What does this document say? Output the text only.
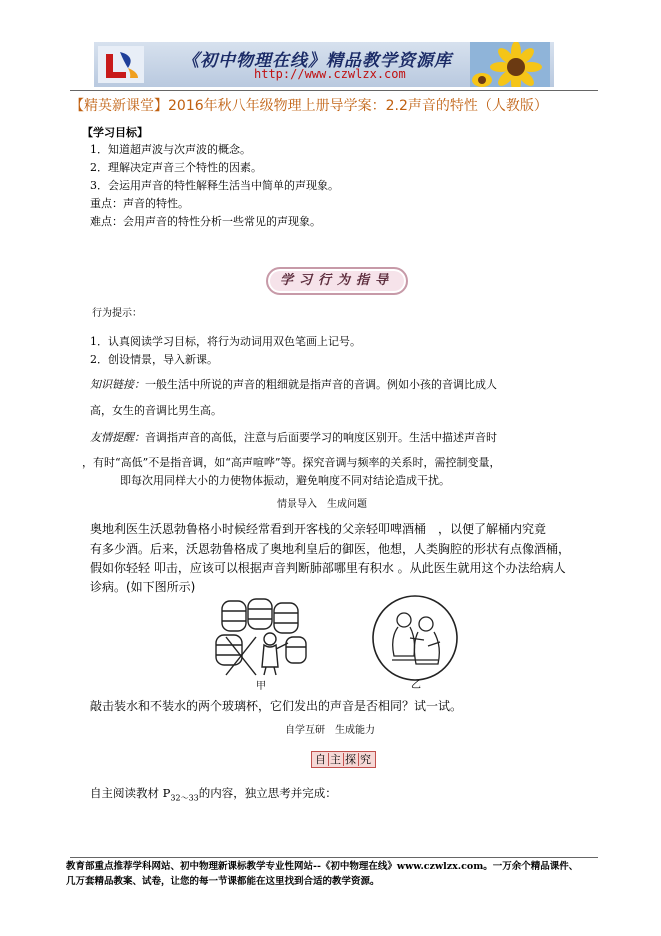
《初中物理在线》精品教学资源库
http://www.czwlzx.com
【精英新课堂】2016年秋八年级物理上册导学案：2.2声音的特性（人教版）
【学习目标】
1．知道超声波与次声波的概念。
2．理解决定声音三个特性的因素。
3．会运用声音的特性解释生活当中简单的声现象。
重点：声音的特性。
难点：会用声音的特性分析一些常见的声现象。
学习行为指导
行为提示：
1．认真阅读学习目标，将行为动词用双色笔画上记号。
2．创设情景，导入新课。
知识链接：一般生活中所说的声音的粗细就是指声音的音调。例如小孩的音调比成人
高，女生的音调比男生高。
友情提醒：音调指声音的高低，注意与后面要学习的响度区别开。生活中描述声音时
，有时“高低”不是指音调，如“高声喧哗”等。探究音调与频率的关系时，需控制变量，
即每次用同样大小的力使物体振动，避免响度不同对结论造成干扰。
情景导入　生成问题
奥地利医生沃恩勃鲁格小时候经常看到开客栈的父亲轻叩啤酒桶　，以便了解桶内究竟
有多少酒。后来，沃恩勃鲁格成了奥地利皇后的御医，他想，人类胸腔的形状有点像酒桶，
假如你轻轻 叩击，应该可以根据声音判断肺部哪里有积水 。从此医生就用这个办法给病人
诊病。(如下图所示)
甲	乙
敲击装水和不装水的两个玻璃杯，它们发出的声音是否相同？试一试。
自学互研　生成能力
自 主 探 究
自主阅读教材 $P_{32\sim 33}$的内容，独立思考并完成：
教育部重点推荐学科网站、初中物理新课标教学专业性网站--《初中物理在线》www.czwlzx.com。一万余个精品课件、
几万套精品教案、试卷，让您的每一节课都能在这里找到合适的教学资源。
